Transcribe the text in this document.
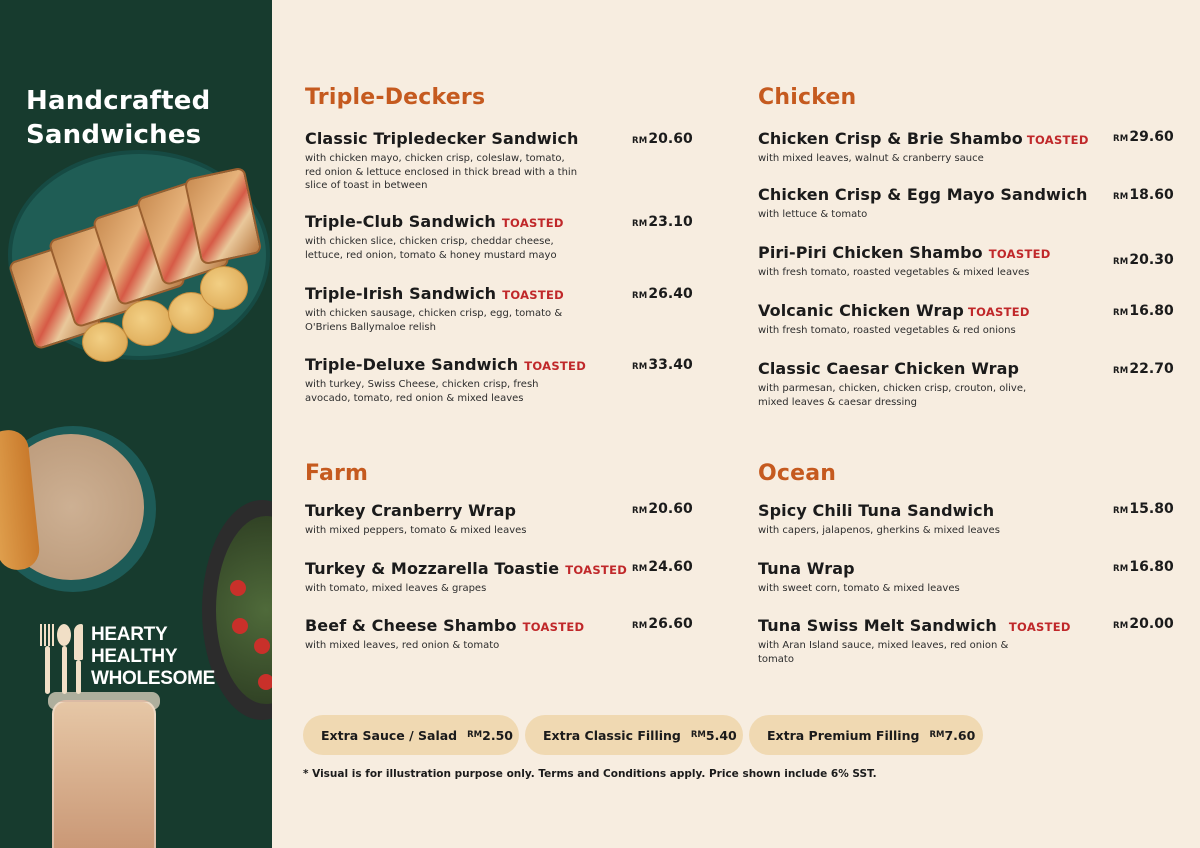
Handcrafted
Sandwiches
HEARTY
HEALTHY
WHOLESOME
Triple-Deckers
Classic Tripledecker Sandwich
with chicken mayo, chicken crisp, coleslaw, tomato, red onion & lettuce enclosed in thick bread with a thin slice of toast in between
RM20.60
Triple-Club Sandwich TOASTED
with chicken slice, chicken crisp, cheddar cheese, lettuce, red onion, tomato & honey mustard mayo
RM23.10
Triple-Irish Sandwich TOASTED
with chicken sausage, chicken crisp, egg, tomato & O'Briens Ballymaloe relish
RM26.40
Triple-Deluxe Sandwich TOASTED
with turkey, Swiss Cheese, chicken crisp, fresh avocado, tomato, red onion & mixed leaves
RM33.40
Chicken
Chicken Crisp & Brie Shambo TOASTED
with mixed leaves, walnut & cranberry sauce
RM29.60
Chicken Crisp & Egg Mayo Sandwich
with lettuce & tomato
RM18.60
Piri-Piri Chicken Shambo TOASTED
with fresh tomato, roasted vegetables & mixed leaves
RM20.30
Volcanic Chicken Wrap TOASTED
with fresh tomato, roasted vegetables & red onions
RM16.80
Classic Caesar Chicken Wrap
with parmesan, chicken, chicken crisp, crouton, olive, mixed leaves & caesar dressing
RM22.70
Farm
Turkey Cranberry Wrap
with mixed peppers, tomato & mixed leaves
RM20.60
Turkey & Mozzarella Toastie TOASTED
with tomato, mixed leaves & grapes
RM24.60
Beef & Cheese Shambo TOASTED
with mixed leaves, red onion & tomato
RM26.60
Ocean
Spicy Chili Tuna Sandwich
with capers, jalapenos, gherkins & mixed leaves
RM15.80
Tuna Wrap
with sweet corn, tomato & mixed leaves
RM16.80
Tuna Swiss Melt Sandwich TOASTED
with Aran Island sauce, mixed leaves, red onion & tomato
RM20.00
Extra Sauce / Salad RM 2.50 Extra Classic Filling RM 5.40 Extra Premium Filling RM 7.60
* Visual is for illustration purpose only. Terms and Conditions apply. Price shown include 6% SST.
